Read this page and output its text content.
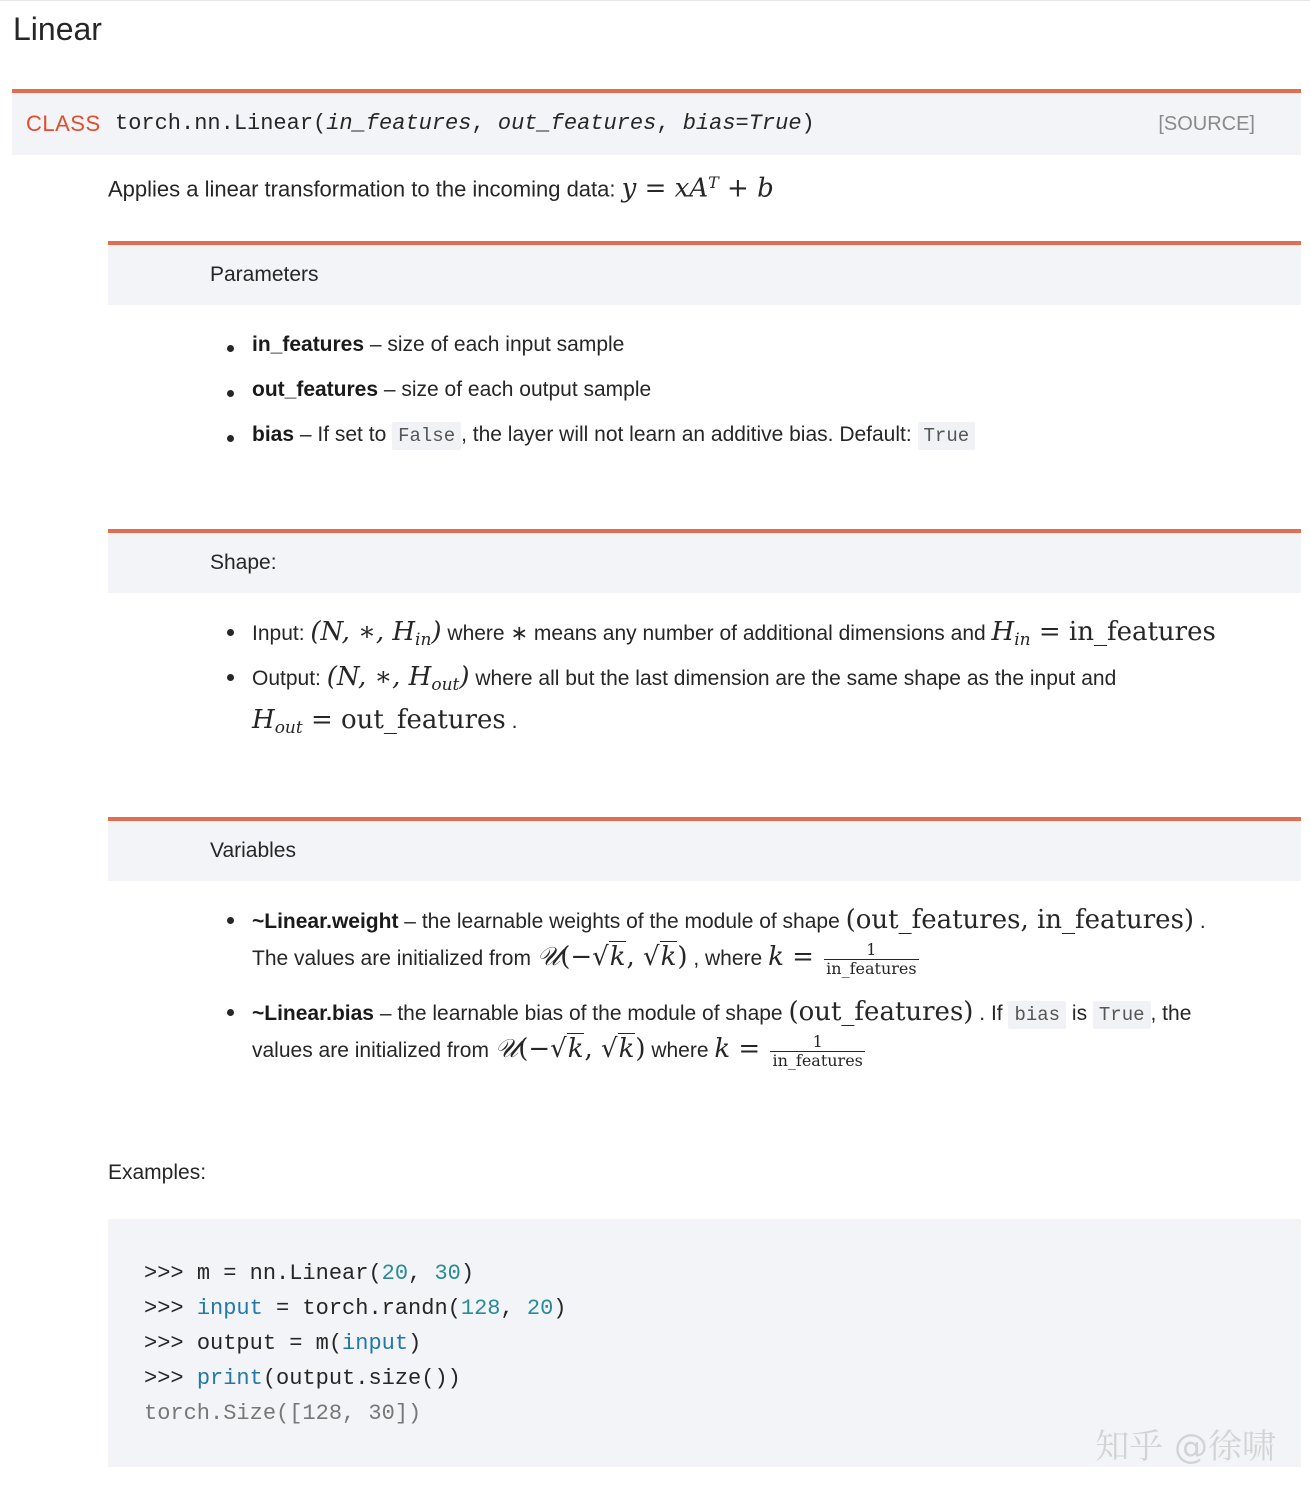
Linear
CLASS torch.nn.Linear(in_features, out_features, bias=True)	[SOURCE]
Applies a linear transformation to the incoming data: $y = xA^T + b$
Parameters
in_features – size of each input sample
out_features – size of each output sample
bias – If set to False , the layer will not learn an additive bias. Default: True
Shape:
Input: (N, ∗, $H_{in}$) where ∗ means any number of additional dimensions and $H_{in}$ = in_features
Output: (N, ∗, $H_{out}$) where all but the last dimension are the same shape as the input and
$H_{out}$ = out_features .
Variables
~Linear.weight – the learnable weights of the module of shape (out_features, in_features) .
~Linear.bias – the learnable bias of the module of shape (out_features) . If bias is True , the
The values are initialized from 𝒰(−√k, √k) , where $k = \frac{1}{\text{in\_features}}$
values are initialized from 𝒰(−√k, √k) where $k = \frac{1}{\text{in\_features}}$
Examples:
>>> m = nn.Linear(20, 30)
>>> input = torch.randn(128, 20)
>>> output = m(input)
>>> print(output.size())
torch.Size([128, 30])
知乎 @徐啸
